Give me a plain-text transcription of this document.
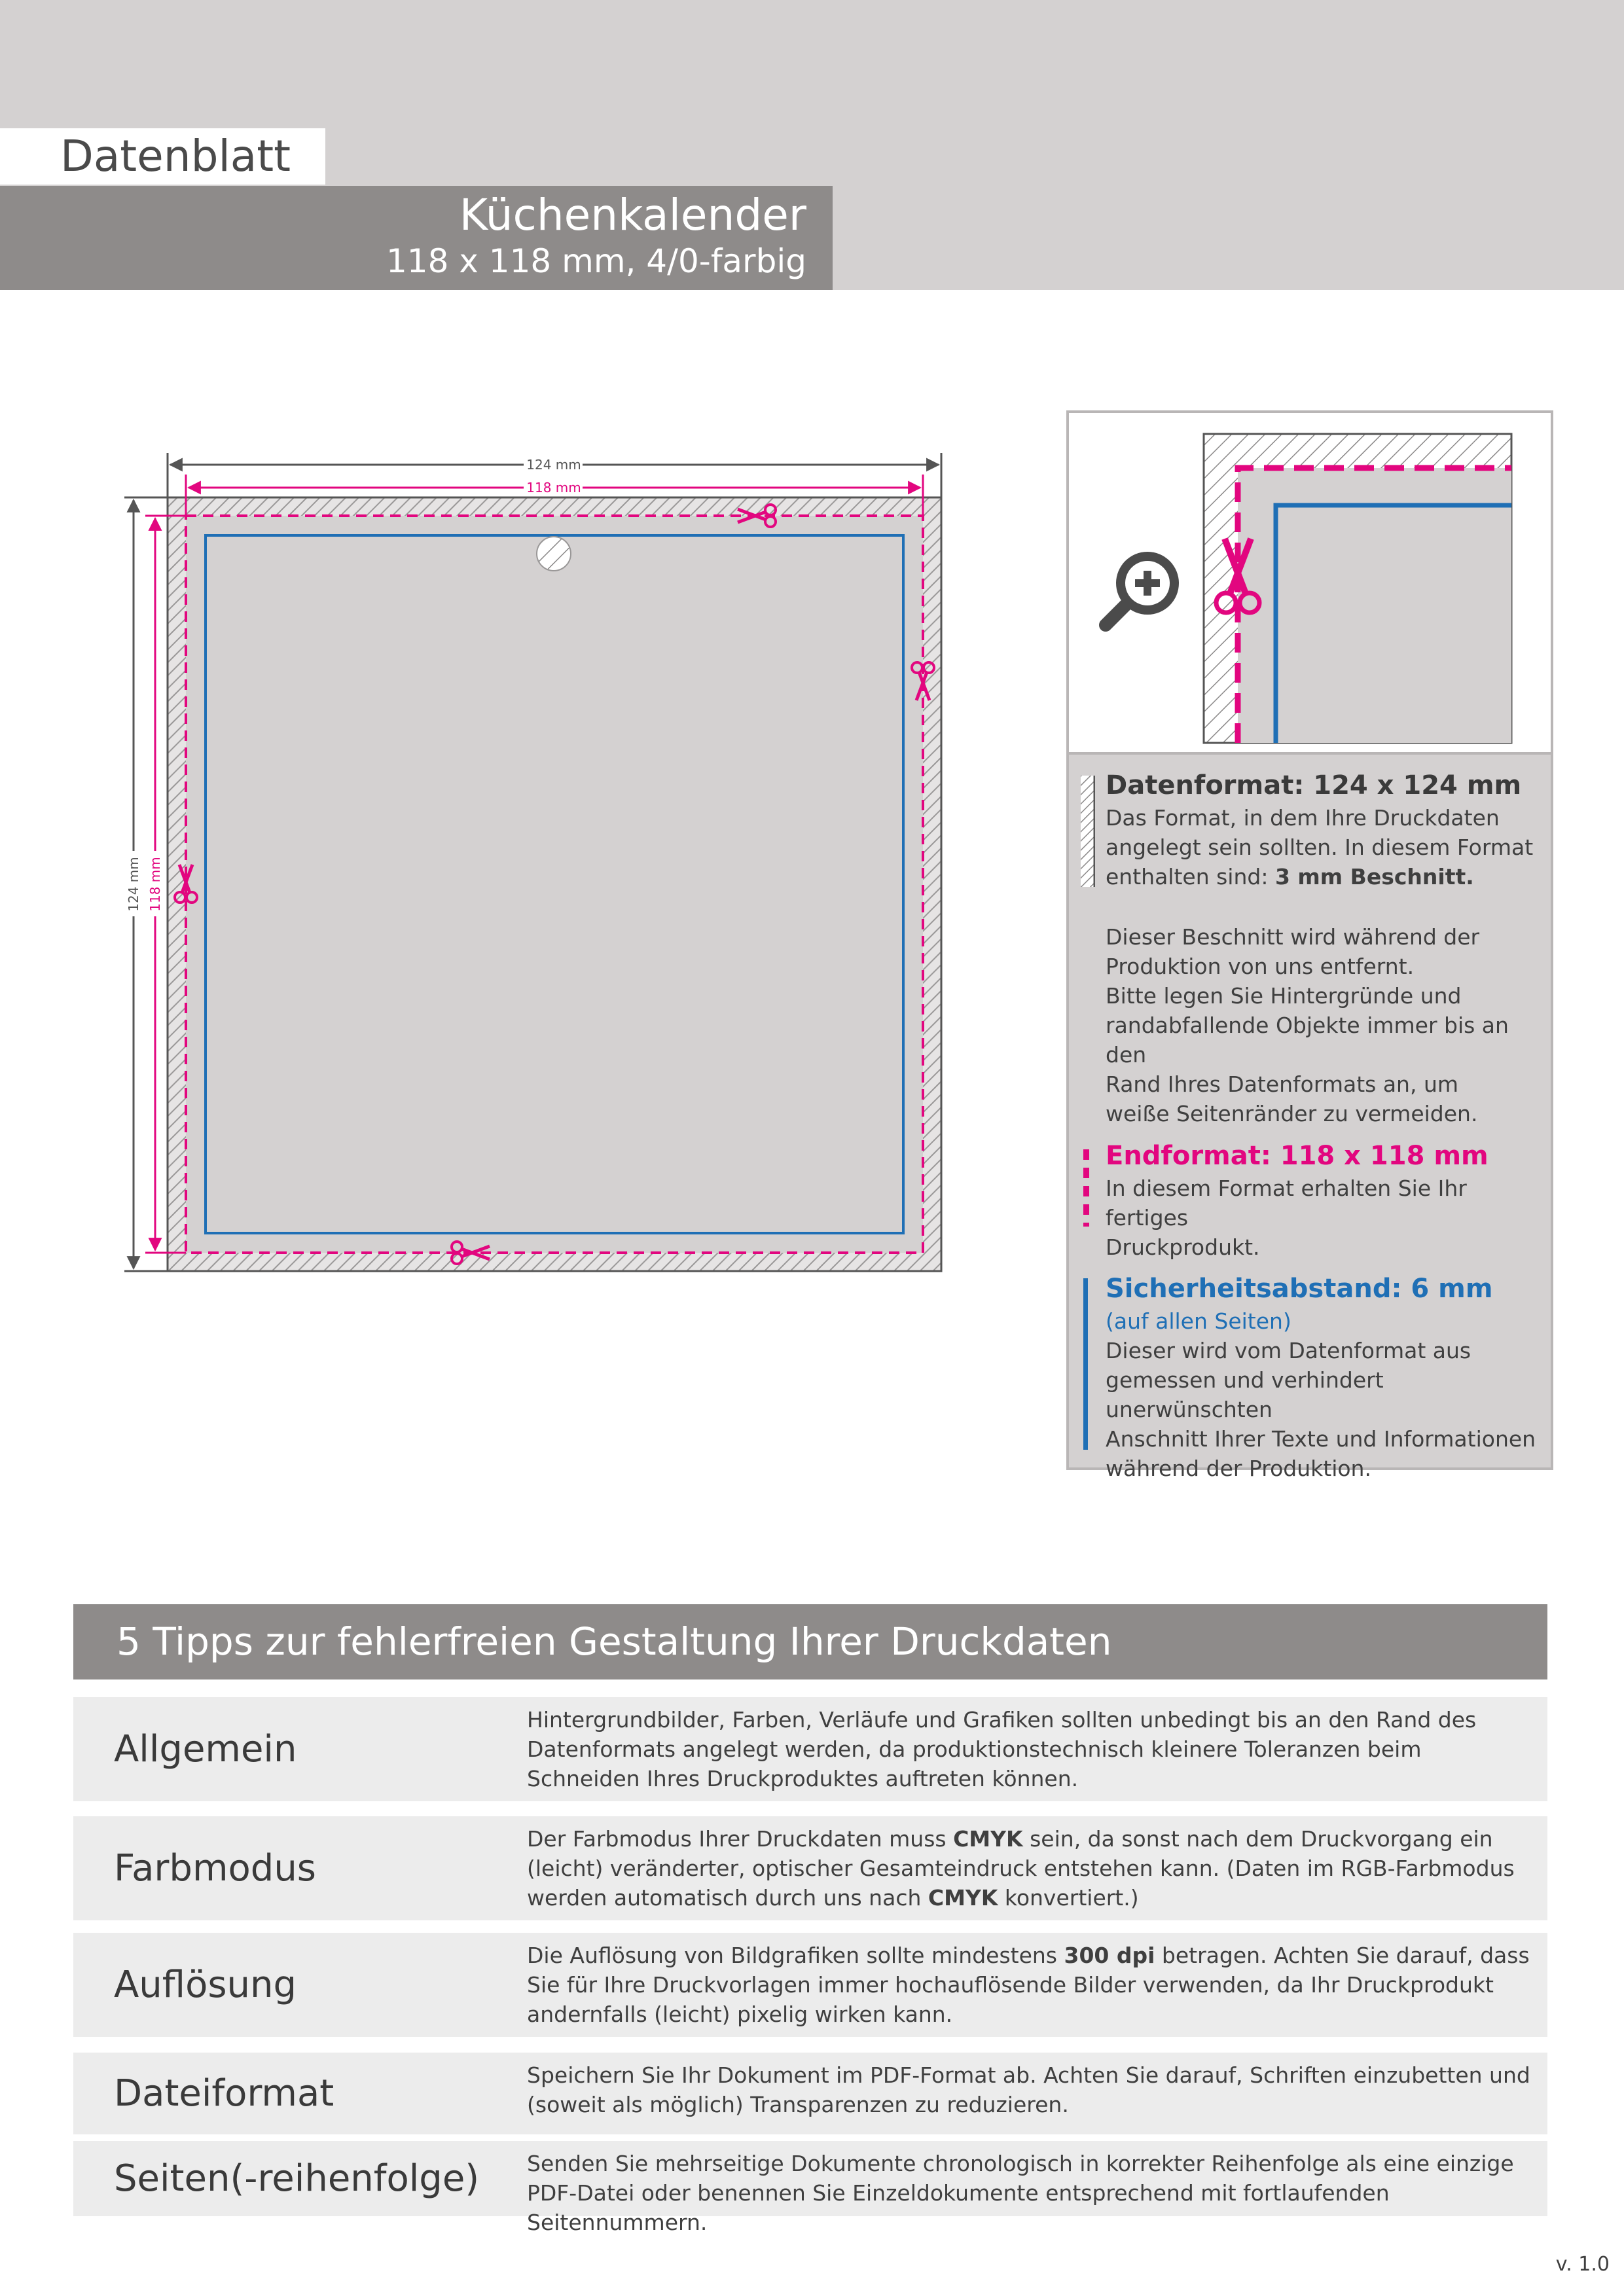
Datenblatt
Küchenkalender
118 x 118 mm, 4/0-farbig
124 mm
118 mm
124 mm 118 mm
Datenformat: 124 x 124 mm
Das Format, in dem Ihre Druckdaten angelegt sein sollten. In diesem Format enthalten sind: 3 mm Beschnitt.
Dieser Beschnitt wird während der
Produktion von uns entfernt.
Bitte legen Sie Hintergründe und
randabfallende Objekte immer bis an den
Rand Ihres Datenformats an, um
weiße Seitenränder zu vermeiden.
Endformat: 118 x 118 mm
In diesem Format erhalten Sie Ihr fertiges
Druckprodukt.
Sicherheitsabstand: 6 mm
(auf allen Seiten)
Dieser wird vom Datenformat aus
gemessen und verhindert unerwünschten
Anschnitt Ihrer Texte und Informationen
während der Produktion.
5 Tipps zur fehlerfreien Gestaltung Ihrer Druckdaten
Allgemein
Hintergrundbilder, Farben, Verläufe und Grafiken sollten unbedingt bis an den Rand des Datenformats angelegt werden, da produktionstechnisch kleinere Toleranzen beim Schneiden Ihres Druckproduktes auftreten können.
Farbmodus
Der Farbmodus Ihrer Druckdaten muss CMYK sein, da sonst nach dem Druckvorgang ein (leicht) veränderter, optischer Gesamteindruck entstehen kann. (Daten im RGB-Farbmodus werden automatisch durch uns nach CMYK konvertiert.)
Auflösung
Die Auflösung von Bildgrafiken sollte mindestens 300 dpi betragen. Achten Sie darauf, dass Sie für Ihre Druckvorlagen immer hochauflösende Bilder verwenden, da Ihr Druckprodukt andernfalls (leicht) pixelig wirken kann.
Dateiformat	Speichern Sie Ihr Dokument im PDF-Format ab. Achten Sie darauf, Schriften einzubetten und (soweit als möglich) Transparenzen zu reduzieren.
Seiten(-reihenfolge) Senden Sie mehrseitige Dokumente chronologisch in korrekter Reihenfolge als eine einzige PDF-Datei oder benennen Sie Einzeldokumente entsprechend mit fortlaufenden Seitennummern.
v. 1.0
